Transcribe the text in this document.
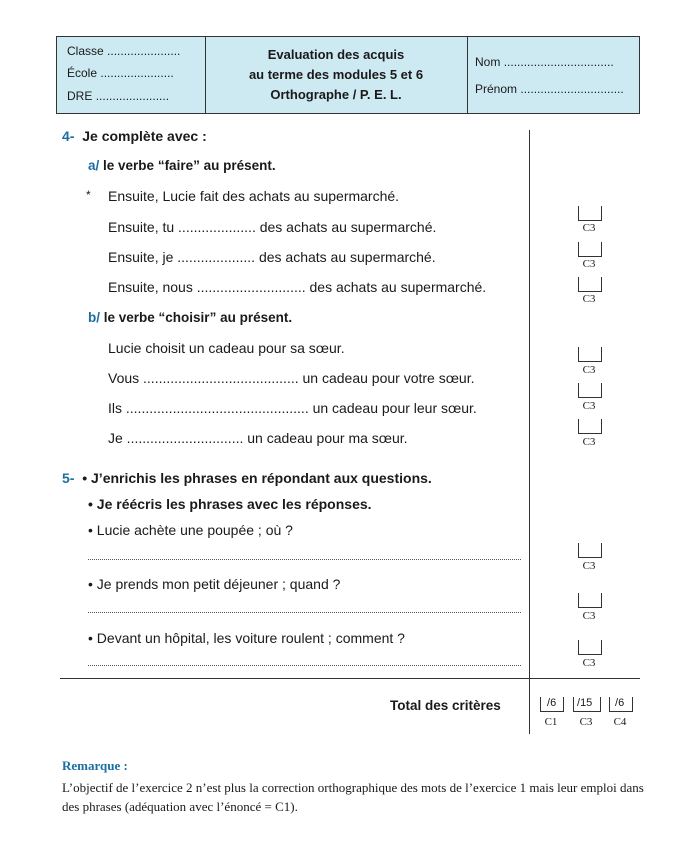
Classe ......................
École ......................
DRE ......................
Evaluation des acquis
au terme des modules 5 et 6
Orthographe / P. E. L.
Nom .................................
Prénom ...............................
4- Je complète avec :
a/ le verbe “faire” au présent.
* Ensuite, Lucie fait des achats au supermarché.
Ensuite, tu .................... des achats au supermarché.
Ensuite, je .................... des achats au supermarché.
Ensuite, nous ............................ des achats au supermarché.
b/ le verbe “choisir” au présent.
Lucie choisit un cadeau pour sa sœur.
Vous ........................................ un cadeau pour votre sœur.
Ils ............................................... un cadeau pour leur sœur.
Je .............................. un cadeau pour ma sœur.
5- • J’enrichis les phrases en répondant aux questions.
• Je réécris les phrases avec les réponses.
• Lucie achète une poupée ; où ?
• Je prends mon petit déjeuner ; quand ?
• Devant un hôpital, les voiture roulent ; comment ?
C3
C3
C3
C3
C3
C3
C3
C3
C3
Total des critères	/6
C1
/15
C3
/6
C4
Remarque :
L’objectif de l’exercice 2 n’est plus la correction orthographique des mots de l’exercice 1 mais leur emploi dans des phrases (adéquation avec l’énoncé = C1).
